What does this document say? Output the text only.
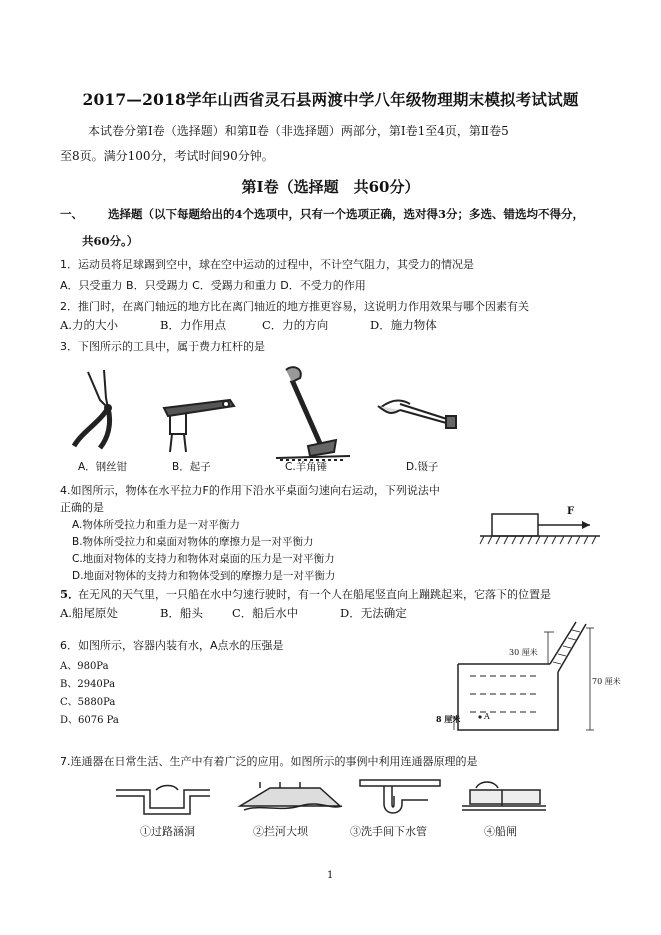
2017—2018学年山西省灵石县两渡中学八年级物理期末模拟考试试题
本试卷分第Ⅰ卷（选择题）和第Ⅱ卷（非选择题）两部分，第Ⅰ卷1至4页，第Ⅱ卷5
至8页。满分100分，考试时间90分钟。
第Ⅰ卷（选择题　共60分）
一、 选择题（以下每题给出的4个选项中，只有一个选项正确，选对得3分；多选、错选均不得分，
共60分。）
1．运动员将足球踢到空中，球在空中运动的过程中，不计空气阻力，其受力的情况是
A．只受重力 B．只受踢力 C．受踢力和重力 D．不受力的作用
2．推门时，在离门轴远的地方比在离门轴近的地方推更容易，这说明力作用效果与哪个因素有关
A.力的大小	B．力作用点	C．力的方向	D．施力物体
3．下图所示的工具中，属于费力杠杆的是
A．钢丝钳	B．起子	C.羊角锤	D.镊子
4.如图所示，物体在水平拉力F的作用下沿水平桌面匀速向右运动，下列说法中
正确的是
A.物体所受拉力和重力是一对平衡力
B.物体所受拉力和桌面对物体的摩擦力是一对平衡力
C.地面对物体的支持力和物体对桌面的压力是一对平衡力
D.地面对物体的支持力和物体受到的摩擦力是一对平衡力
F
5．
在无风的天气里，一只船在水中匀速行驶时，有一个人在船尾竖直向上蹦跳起来，它落下的位置是
A.船尾原处	B．船头	C．船后水中	D．无法确定
6．如图所示，容器内装有水，A点水的压强是
A、980Pa
B、2940Pa
C、5880Pa
D、6076 Pa
30 厘米
70 厘米
8 厘米	A
7.连通器在日常生活、生产中有着广泛的应用。如图所示的事例中利用连通器原理的是
①过路涵洞	②拦河大坝	③洗手间下水管	④船闸
1
